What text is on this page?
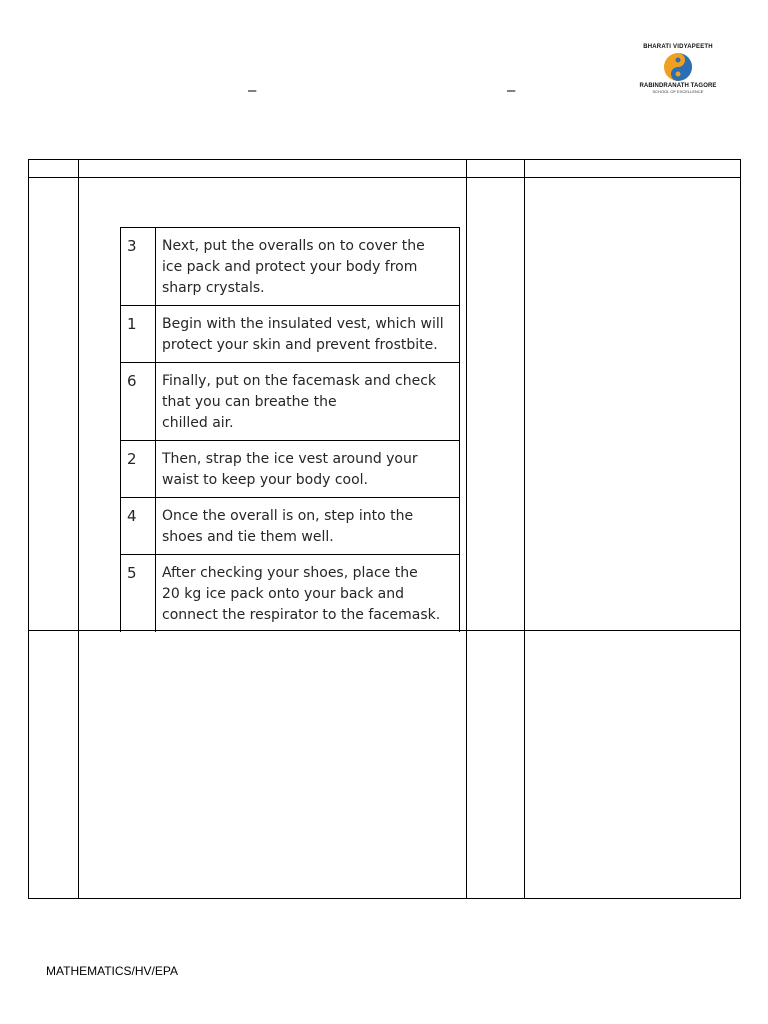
–	–
BHARATI VIDYAPEETH
RABINDRANATH TAGORE
SCHOOL OF EXCELLENCE
3	Next, put the overalls on to cover the
ice pack and protect your body from
sharp crystals.

1	Begin with the insulated vest, which will
protect your skin and prevent frostbite.

6	Finally, put on the facemask and check
that you can breathe the
chilled air.

2	Then, strap the ice vest around your
waist to keep your body cool.

4	Once the overall is on, step into the
shoes and tie them well.

5	After checking your shoes, place the
20 kg ice pack onto your back and
connect the respirator to the facemask.
MATHEMATICS/HV/EPA
